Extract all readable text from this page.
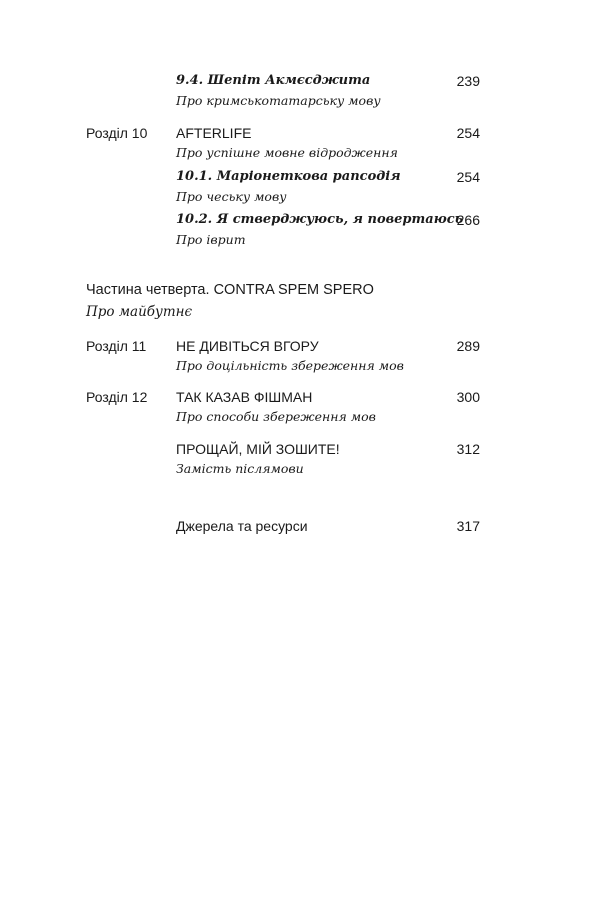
9.4. Шепіт Акмєсджита
Про кримськотатарську мову
239
Розділ 10 AFTERLIFE
Про успішне мовне відродження
254
10.1. Маріонеткова рапсодія
Про чеську мову
254
10.2. Я стверджуюсь, я повертаюсь
Про іврит
266
Частина четверта. CONTRA SPEM SPERO
Про майбутнє
Розділ 11 НЕ ДИВІТЬСЯ ВГОРУ
Про доцільність збереження мов
289
Розділ 12 ТАК КАЗАВ ФІШМАН
Про способи збереження мов
300
ПРОЩАЙ, МІЙ ЗОШИТЕ!
Замість післямови
312
Джерела та ресурси	317
